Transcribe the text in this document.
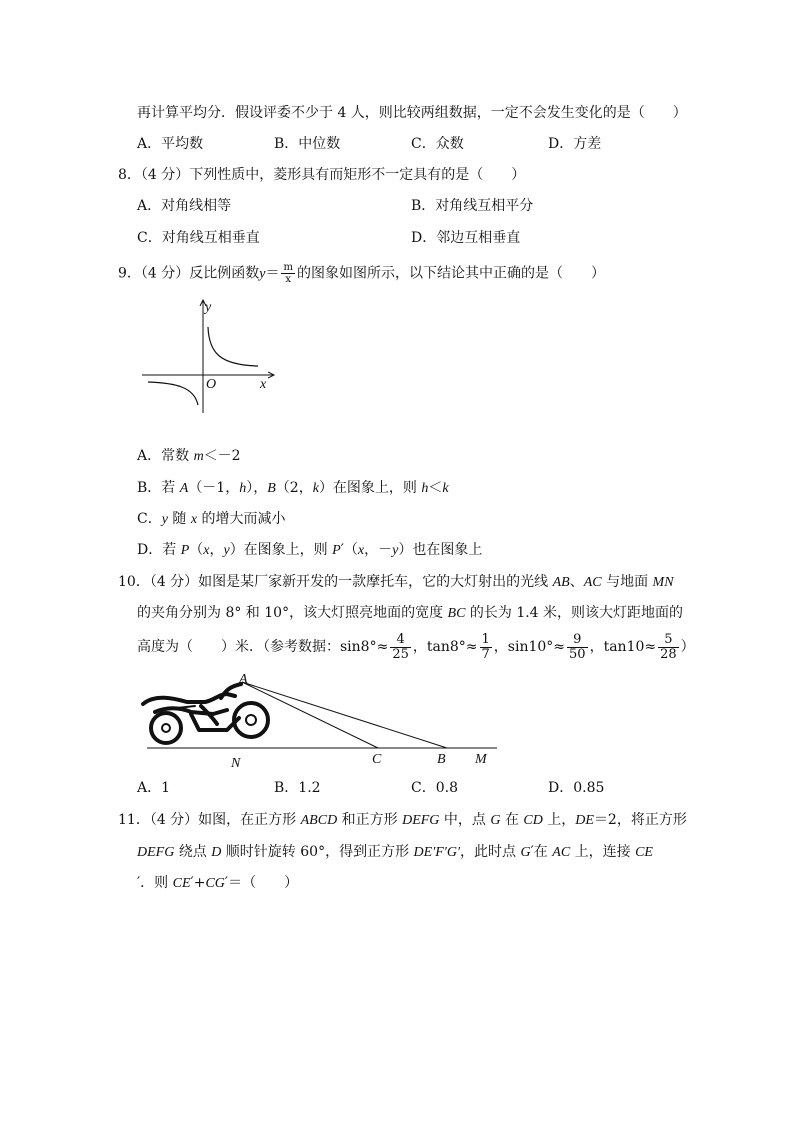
再计算平均分．假设评委不少于 4 人，则比较两组数据，一定不会发生变化的是（　　）
A．平均数	B．中位数	C．众数	D．方差
8．（4 分）下列性质中，菱形具有而矩形不一定具有的是（　　）
A．对角线相等	B．对角线互相平分
C．对角线互相垂直	D．邻边互相垂直
9．（4 分）反比例函数$y= \frac{m}{x}$ 的图象如图所示，以下结论其中正确的是（　　）
y
x
O
A．常数 m＜－2
B．若 A（－1，h），B（2，k）在图象上，则 h＜k
C．y 随 x 的增大而减小
D．若 P（x，y）在图象上，则 P′（x，－y）也在图象上
10．（4 分）如图是某厂家新开发的一款摩托车，它的大灯射出的光线 AB、AC 与地面 MN
的夹角分别为 8° 和 10°，该大灯照亮地面的宽度 BC 的长为 1.4 米，则该大灯距地面的
高度为（　　）米．（参考数据：$\sin 8^\circ\approx \frac{4}{25}$ ，$\tan 8^\circ\approx \frac{1}{7}$ ，$\sin 10^\circ\approx \frac{9}{50}$ ，$\tan 10\approx \frac{5}{28}$ ）
A
N	C	B M
A．1	B．1.2	C．0.8	D．0.85
11．（4 分）如图，在正方形 ABCD 和正方形 DEFG 中，点 G 在 CD 上，DE＝2，将正方形
DEFG 绕点 D 顺时针旋转 60°，得到正方形 DE′F′G′，此时点 G′在 AC 上，连接 CE
′．则 CE′+CG′＝（　　）
